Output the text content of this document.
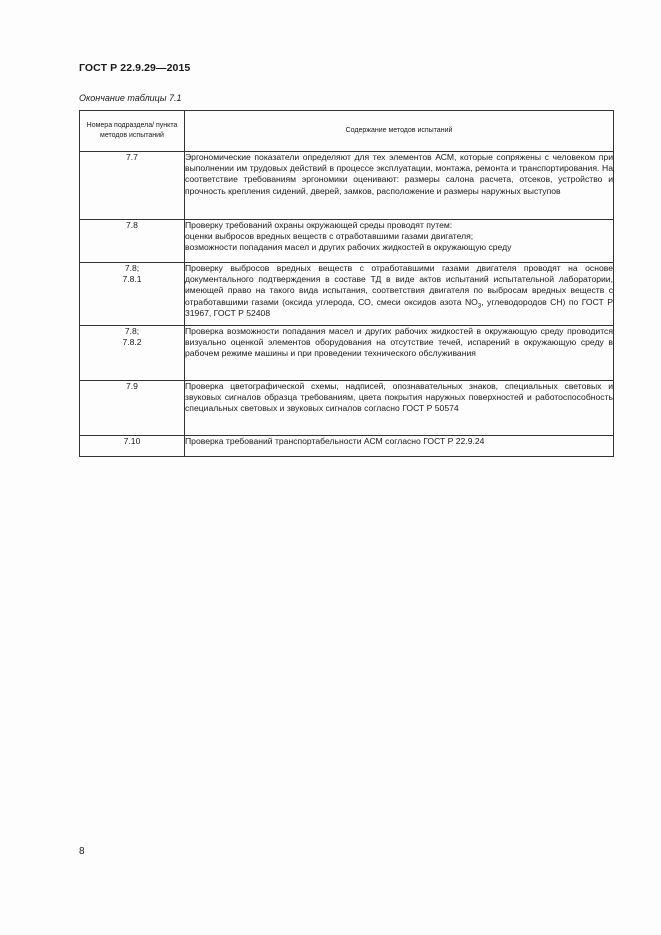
ГОСТ Р 22.9.29—2015
Окончание таблицы 7.1
Номера подраздела/ пункта методов испытаний	Содержание методов испытаний

7.7	Эргономические показатели определяют для тех элементов АСМ, которые сопряжены с человеком при выполнении им трудовых действий в процессе эксплуатации, монтажа, ремонта и транспортирования. На соответствие требованиям эргономики оценивают: размеры салона расчета, отсеков, устройство и прочность крепления сидений, дверей, замков, расположение и размеры наружных выступов

7.8	Проверку требований охраны окружающей среды проводят путем:
оценки выбросов вредных веществ с отработавшими газами двигателя;
возможности попадания масел и других рабочих жидкостей в окружающую среду

7.8;
7.8.1	Проверку выбросов вредных веществ с отработавшими газами двигателя проводят на основе документального подтверждения в составе ТД в виде актов испытаний испытательной лаборатории, имеющей право на такого вида испытания, соответствия двигателя по выбросам вредных веществ с отработавшими газами (оксида углерода, СО, смеси оксидов азота $NO_3$, углеводородов СН) по ГОСТ Р 31967, ГОСТ Р 52408

7.8;
7.8.2	Проверка возможности попадания масел и других рабочих жидкостей в окружающую среду проводится визуально оценкой элементов оборудования на отсутствие течей, испарений в окружающую среду в рабочем режиме машины и при проведении технического обслуживания

7.9	Проверка цветографической схемы, надписей, опознавательных знаков, специальных световых и звуковых сигналов образца требованиям, цвета покрытия наружных поверхностей и работоспособность специальных световых и звуковых сигналов согласно ГОСТ Р 50574

7.10	Проверка требований транспортабельности АСМ согласно ГОСТ Р 22.9.24
8
